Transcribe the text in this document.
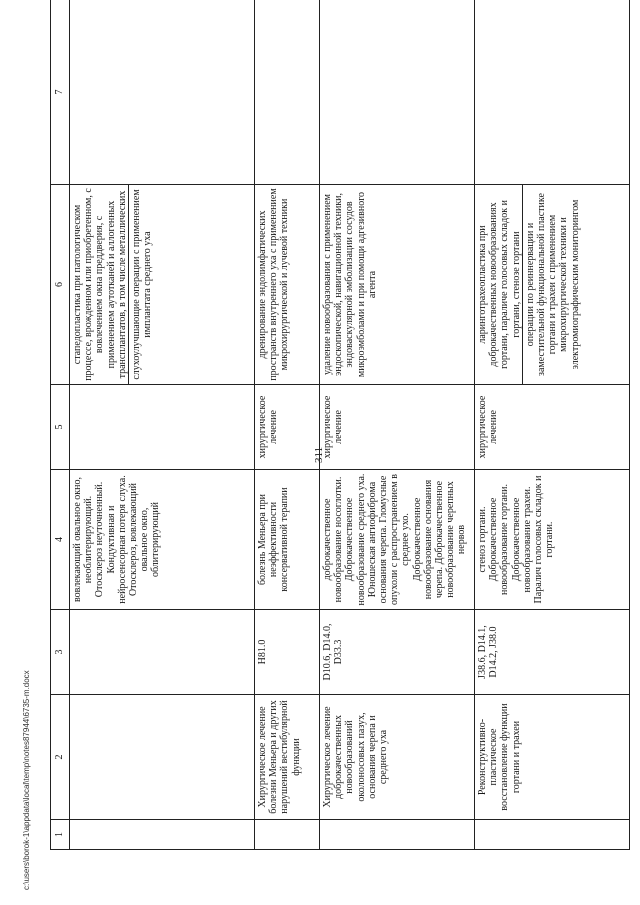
311
c:\users\borok-1\appdata\local\temp\notes87944\6735-m.docx	1	2	3	4	5	6	7
			вовлекающий овальное окно, необлитерирующий. Отосклероз неуточненный. Кондуктивная и нейросенсорная потеря слуха. Отосклероз, вовлекающий овальное окно, облитерирующий		стапедопластика при патологическом процессе, врожденном или приобретенном, с вовлечением окна преддверия, с применением аутотканей и аллогенных трансплантатов, в том числе металлических слухоулучшающие операции с применением имплантата среднего уха	

	Хирургическое лечение болезни Меньера и других нарушений вестибулярной функции	H81.0	болезнь Меньера при неэффективности консервативной терапии	хирургическое лечение	дренирование эндолимфатических пространств внутреннего уха с применением микрохирургической и лучевой техники	
	Хирургическое лечение доброкачественных новообразований околоносовых пазух, основания черепа и среднего уха	D10.6, D14.0, D33.3	доброкачественное новообразование носоглотки. Доброкачественное новообразование среднего уха. Юношеская ангиофиброма основания черепа. Гломусные опухоли с распространением в среднее ухо. Доброкачественное новообразование основания черепа. Доброкачественное новообразование черепных нервов	хирургическое лечение	удаление новообразования с применением эндоскопической, навигационной техники, эндоваскулярной эмболизации сосудов микроэмболами и при помощи адгезивного агента	
	Реконструктивно-пластическое восстановление функции гортани и трахеи	J38.6, D14.1, D14.2, J38.0	стеноз гортани. Доброкачественное новообразование гортани. Доброкачественное новообразование трахеи. Паралич голосовых складок и гортани.	хирургическое лечение	ларинготрахеопластика при доброкачественных новообразованиях гортани, параличе голосовых складок и гортани, стенозе гортани операции по реиннервации и заместительной функциональной пластике гортани и трахеи с применением микрохирургической техники и электромиографическим мониторингом	
